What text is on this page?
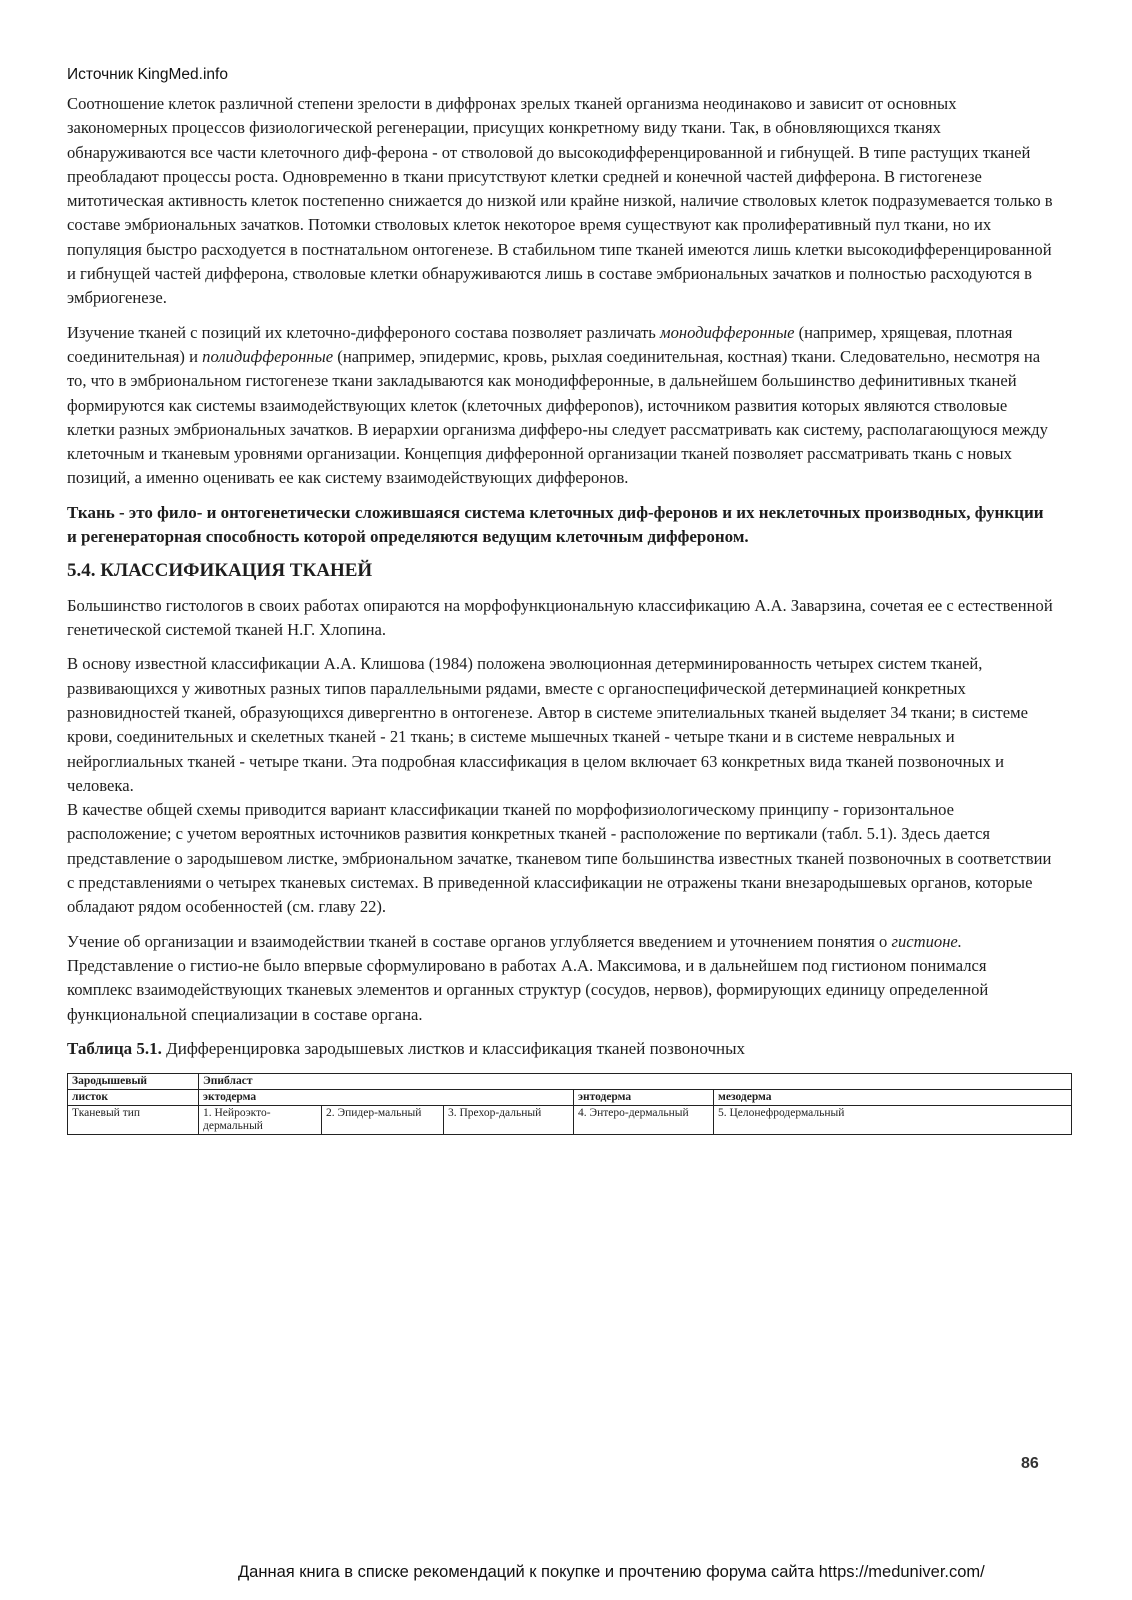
Источник KingMed.info

Соотношение клеток различной степени зрелости в диффронах зрелых тканей организма неодинаково и зависит от основных закономерных процессов физиологической регенерации, присущих конкретному виду ткани. Так, в обновляющихся тканях обнаруживаются все части клеточного диф-ферона - от стволовой до высокодифференцированной и гибнущей. В типе растущих тканей преобладают процессы роста. Одновременно в ткани присутствуют клетки средней и конечной частей дифферона. В гистогенезе митотическая активность клеток постепенно снижается до низкой или крайне низкой, наличие стволовых клеток подразумевается только в составе эмбриональных зачатков. Потомки стволовых клеток некоторое время существуют как пролиферативный пул ткани, но их популяция быстро расходуется в постнатальном онтогенезе. В стабильном типе тканей имеются лишь клетки высокодифференцированной и гибнущей частей дифферона, стволовые клетки обнаруживаются лишь в составе эмбриональных зачатков и полностью расходуются в эмбриогенезе.

Изучение тканей с позиций их клеточно-диффероного состава позволяет различать монодифферонные (например, хрящевая, плотная соединительная) и полидифферонные (например, эпидермис, кровь, рыхлая соединительная, костная) ткани. Следовательно, несмотря на то, что в эмбриональном гистогенезе ткани закладываются как монодифферонные, в дальнейшем большинство дефинитивных тканей формируются как системы взаимодействующих клеток (клеточных диффероnов), источником развития которых являются стволовые клетки разных эмбриональных зачатков. В иерархии организма дифферо-ны следует рассматривать как систему, располагающуюся между клеточным и тканевым уровнями организации. Концепция дифферонной организации тканей позволяет рассматривать ткань с новых позиций, а именно оценивать ее как систему взаимодействующих дифферонов.

Ткань - это фило- и онтогенетически сложившаяся система клеточных диф-феронов и их неклеточных производных, функции и регенераторная способность которой определяются ведущим клеточным диффероном.

5.4. КЛАССИФИКАЦИЯ ТКАНЕЙ

Большинство гистологов в своих работах опираются на морфофункциональную классификацию А.А. Заварзина, сочетая ее с естественной генетической системой тканей Н.Г. Хлопина.

В основу известной классификации А.А. Клишова (1984) положена эволюционная детерминированность четырех систем тканей, развивающихся у животных разных типов параллельными рядами, вместе с органоспецифической детерминацией конкретных разновидностей тканей, образующихся дивергентно в онтогенезе. Автор в системе эпителиальных тканей выделяет 34 ткани; в системе крови, соединительных и скелетных тканей - 21 ткань; в системе мышечных тканей - четыре ткани и в системе невральных и нейроглиальных тканей - четыре ткани. Эта подробная классификация в целом включает 63 конкретных вида тканей позвоночных и человека.

В качестве общей схемы приводится вариант классификации тканей по морфофизиологическому принципу - горизонтальное расположение; с учетом вероятных источников развития конкретных тканей - расположение по вертикали (табл. 5.1). Здесь дается представление о зародышевом листке, эмбриональном зачатке, тканевом типе большинства известных тканей позвоночных в соответствии с представлениями о четырех тканевых системах. В приведенной классификации не отражены ткани внезародышевых органов, которые обладают рядом особенностей (см. главу 22).

Учение об организации и взаимодействии тканей в составе органов углубляется введением и уточнением понятия о гистионе. Представление о гистио-не было впервые сформулировано в работах А.А. Максимова, и в дальнейшем под гистионом понимался комплекс взаимодействующих тканевых элементов и органных структур (сосудов, нервов), формирующих единицу определенной функциональной специализации в составе органа.

Таблица 5.1. Дифференцировка зародышевых листков и классификация тканей позвоночных

Зародышевый	Эпибласт				
листок	эктодерма			энтодерма	мезодерма
Тканевый тип	1. Нейроэкто-дермальный	2. Эпидер-мальный	3. Прехор-дальный	4. Энтеро-дермальный	5. Целонефродермальный
86
Данная книга в списке рекомендаций к покупке и прочтению форума сайта https://meduniver.com/
